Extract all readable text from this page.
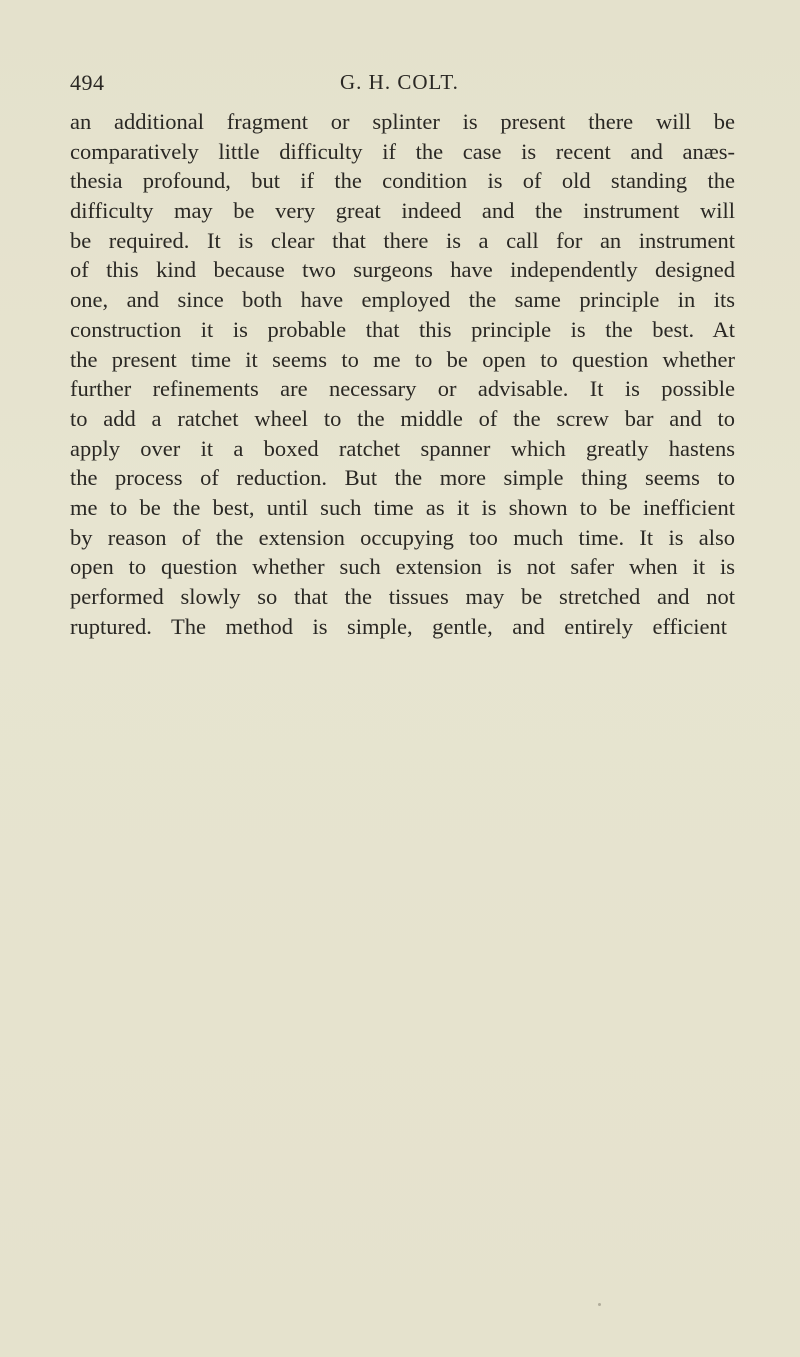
494	G. H. COLT.
an additional fragment or splinter is present there will be
comparatively little difficulty if the case is recent and anæs-
thesia profound, but if the condition is of old standing the
difficulty may be very great indeed and the instrument will
be required. It is clear that there is a call for an instrument
of this kind because two surgeons have independently designed
one, and since both have employed the same principle in its
construction it is probable that this principle is the best. At
the present time it seems to me to be open to question whether
further refinements are necessary or advisable. It is possible
to add a ratchet wheel to the middle of the screw bar and to
apply over it a boxed ratchet spanner which greatly hastens
the process of reduction. But the more simple thing seems to
me to be the best, until such time as it is shown to be inefficient
by reason of the extension occupying too much time. It is also
open to question whether such extension is not safer when it is
performed slowly so that the tissues may be stretched and not
ruptured. The method is simple, gentle, and entirely efficient
